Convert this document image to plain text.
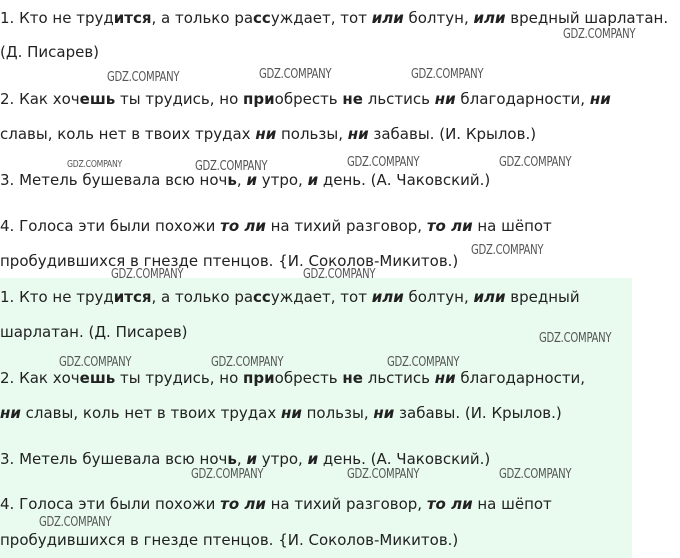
1. Кто не трудится, а только рассуждает, тот или болтун, или вредный шарлатан.

(Д. Писарев)

2. Как хочешь ты трудись, но приобресть не льстись ни благодарности, ни

славы, коль нет в твоих трудах ни пользы, ни забавы. (И. Крылов.)

3. Метель бушевала всю ночь, и утро, и день. (А. Чаковский.)

4. Голоса эти были похожи то ли на тихий разговор, то ли на шёпот

пробудившихся в гнезде птенцов. {И. Соколов-Микитов.)

1. Кто не трудится, а только рассуждает, тот или болтун, или вредный

шарлатан. (Д. Писарев)

2. Как хочешь ты трудись, но приобресть не льстись ни благодарности,

ни славы, коль нет в твоих трудах ни пользы, ни забавы. (И. Крылов.)

3. Метель бушевала всю ночь, и утро, и день. (А. Чаковский.)

4. Голоса эти были похожи то ли на тихий разговор, то ли на шёпот

пробудившихся в гнезде птенцов. {И. Соколов-Микитов.)

GDZ.COMPANY
GDZ.COMPANY	GDZ.COMPANY	GDZ.COMPANY
GDZ.COMPANY	GDZ.COMPANY	GDZ.COMPANY	GDZ.COMPANY
GDZ.COMPANY
GDZ.COMPANY	GDZ.COMPANY
GDZ.COMPANY
GDZ.COMPANY	GDZ.COMPANY	GDZ.COMPANY
GDZ.COMPANY	GDZ.COMPANY	GDZ.COMPANY
GDZ.COMPANY
